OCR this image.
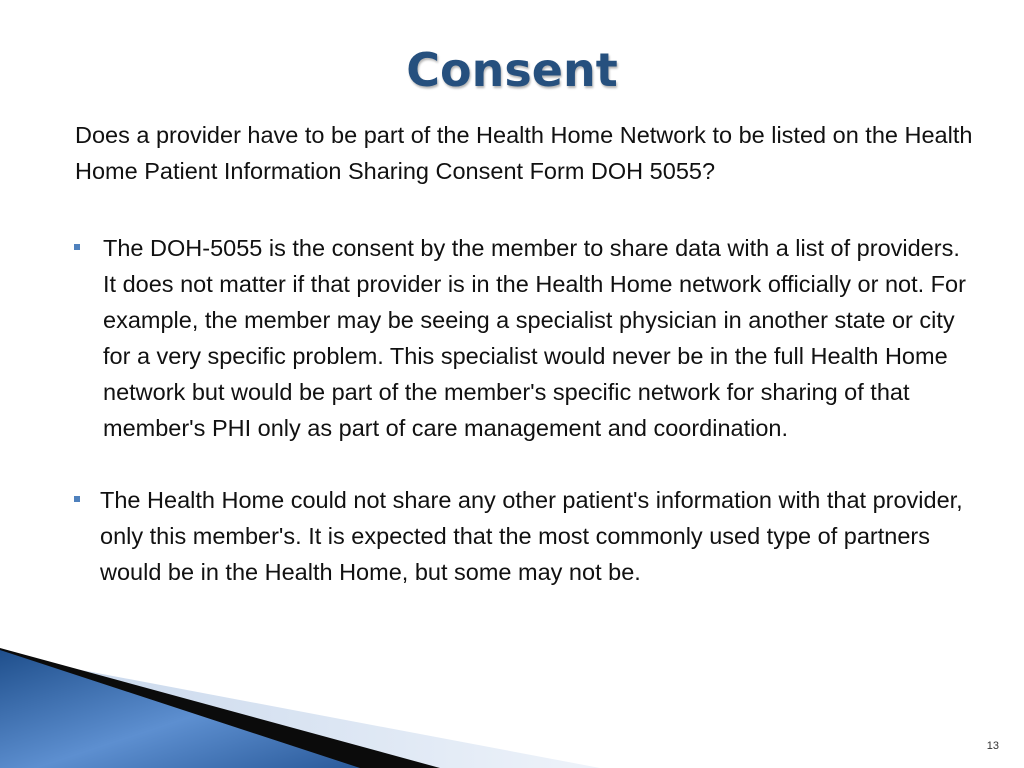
Consent

Does a provider have to be part of the Health Home Network to be listed on the Health Home Patient Information Sharing Consent Form DOH 5055?

The DOH-5055 is the consent by the member to share data with a list of providers. It does not matter if that provider is in the Health Home network officially or not. For example, the member may be seeing a specialist physician in another state or city for a very specific problem. This specialist would never be in the full Health Home network but would be part of the member's specific network for sharing of that member's PHI only as part of care management and coordination.
The Health Home could not share any other patient's information with that provider, only this member's. It is expected that the most commonly used type of partners would be in the Health Home, but some may not be.
13
